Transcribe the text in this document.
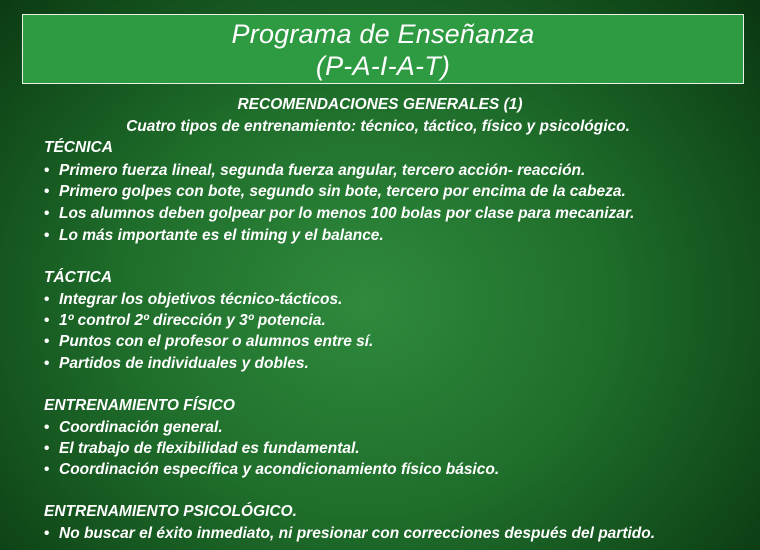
Programa de Enseñanza
(P-A-I-A-T)
RECOMENDACIONES GENERALES (1)
Cuatro tipos de entrenamiento: técnico, táctico, físico y psicológico.
TÉCNICA
• Primero fuerza lineal, segunda fuerza angular, tercero acción- reacción.
• Primero golpes con bote, segundo sin bote, tercero por encima de la cabeza.
• Los alumnos deben golpear por lo menos 100 bolas por clase para mecanizar.
• Lo más importante es el timing y el balance.
TÁCTICA
• Integrar los objetivos técnico-tácticos.
• 1º control 2º dirección y 3º potencia.
• Puntos con el profesor o alumnos entre sí.
• Partidos de individuales y dobles.
ENTRENAMIENTO FÍSICO
• Coordinación general.
• El trabajo de flexibilidad es fundamental.
• Coordinación específica y acondicionamiento físico básico.
ENTRENAMIENTO PSICOLÓGICO.
• No buscar el éxito inmediato, ni presionar con correcciones después del partido.
